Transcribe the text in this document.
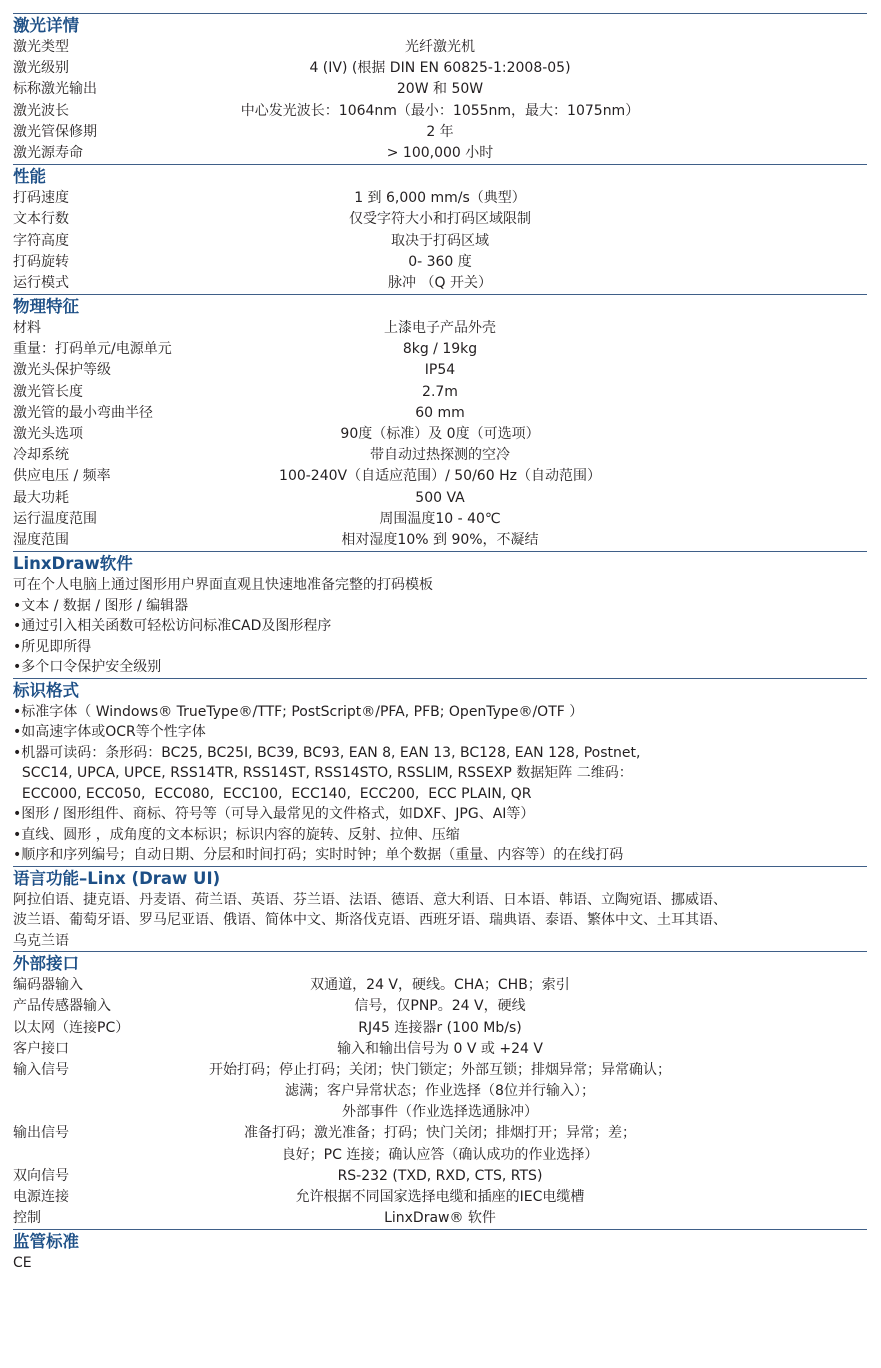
激光详情
激光类型	光纤激光机
激光级别	4 (IV) (根据 DIN EN 60825-1:2008-05)
标称激光输出	20W 和 50W
激光波长	中心发光波长：1064nm（最小：1055nm，最大：1075nm）
激光管保修期	2 年
激光源寿命	> 100,000 小时
性能
打码速度	1 到 6,000 mm/s（典型）
文本行数	仅受字符大小和打码区域限制
字符高度	取决于打码区域
打码旋转	0- 360 度
运行模式	脉冲 （Q 开关）
物理特征
材料	上漆电子产品外壳
重量：打码单元/电源单元	8kg / 19kg
激光头保护等级	IP54
激光管长度	2.7m
激光管的最小弯曲半径	60 mm
激光头选项	90度（标准）及 0度（可选项）
冷却系统	带自动过热探测的空冷
供应电压 / 频率	100-240V（自适应范围）/ 50/60 Hz（自动范围）
最大功耗	500 VA
运行温度范围	周围温度10 - 40℃
湿度范围	相对湿度10% 到 90%，不凝结
LinxDraw软件
可在个人电脑上通过图形用户界面直观且快速地准备完整的打码模板
•文本 / 数据 / 图形 / 编辑器
•通过引入相关函数可轻松访问标准CAD及图形程序
•所见即所得
•多个口令保护安全级别
标识格式
•标准字体（ Windows® TrueType®/TTF; PostScript®/PFA, PFB; OpenType®/OTF ）
•如高速字体或OCR等个性字体
•机器可读码：条形码：BC25, BC25I, BC39, BC93, EAN 8, EAN 13, BC128, EAN 128, Postnet,
SCC14, UPCA, UPCE, RSS14TR, RSS14ST, RSS14STO, RSSLIM, RSSEXP 数据矩阵 二维码：
ECC000, ECC050,  ECC080,  ECC100,  ECC140,  ECC200,  ECC PLAIN, QR
•图形 / 图形组件、商标、符号等（可导入最常见的文件格式，如DXF、JPG、AI等）
•直线、圆形 ，成角度的文本标识；标识内容的旋转、反射、拉伸、压缩
•顺序和序列编号；自动日期、分层和时间打码；实时时钟；单个数据（重量、内容等）的在线打码
语言功能–Linx (Draw UI)
阿拉伯语、捷克语、丹麦语、荷兰语、英语、芬兰语、法语、德语、意大利语、日本语、韩语、立陶宛语、挪威语、
波兰语、葡萄牙语、罗马尼亚语、俄语、简体中文、斯洛伐克语、西班牙语、瑞典语、泰语、繁体中文、土耳其语、
乌克兰语
外部接口
编码器输入	双通道，24 V，硬线。CHA；CHB；索引
产品传感器输入	信号，仅PNP。24 V，硬线
以太网（连接PC）	RJ45 连接器r (100 Mb/s)
客户接口	输入和输出信号为 0 V 或 +24 V
输入信号	开始打码；停止打码；关闭；快门锁定；外部互锁；排烟异常；异常确认；
滤满；客户异常状态；作业选择（8位并行输入）；
外部事件（作业选择选通脉冲）
输出信号	准备打码；激光准备；打码；快门关闭；排烟打开；异常；差；
良好；PC 连接；确认应答（确认成功的作业选择）
双向信号	RS-232 (TXD, RXD, CTS, RTS)
电源连接	允许根据不同国家选择电缆和插座的IEC电缆槽
控制	LinxDraw® 软件
监管标准
CE
